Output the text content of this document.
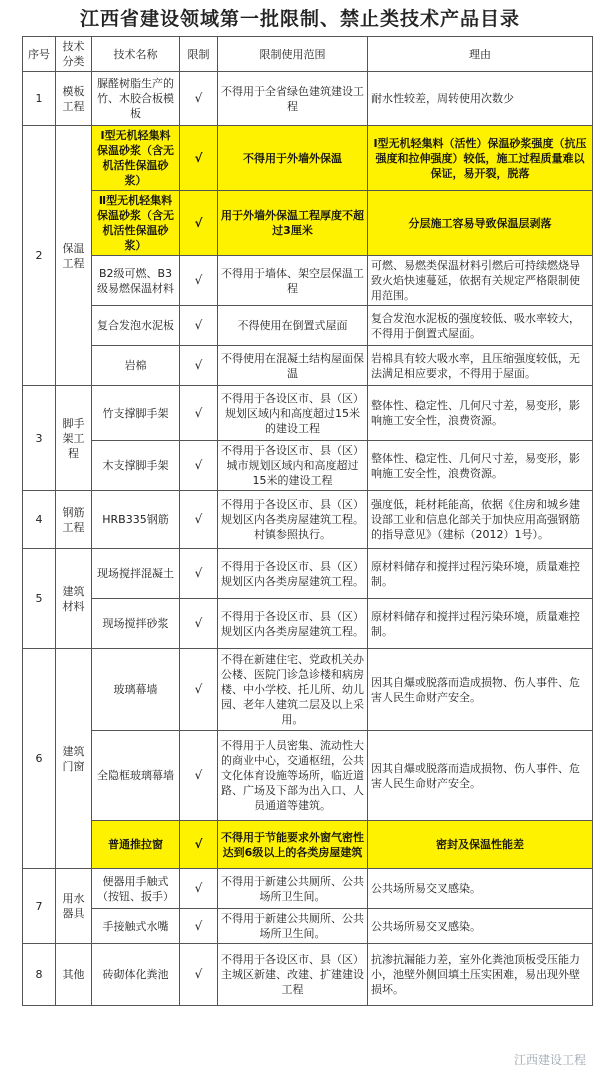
江西省建设领域第一批限制、禁止类技术产品目录
序号	技术分类	技术名称	限制	限制使用范围	理由
1	模板工程	脲醛树脂生产的竹、木胶合板模板	√	不得用于全省绿色建筑建设工程	耐水性较差，周转使用次数少
2	保温工程	Ⅰ型无机轻集料保温砂浆（含无机活性保温砂浆）	√	不得用于外墙外保温	Ⅰ型无机轻集料（活性）保温砂浆强度（抗压强度和拉伸强度）较低，施工过程质量难以保证，易开裂，脱落
		Ⅱ型无机轻集料保温砂浆（含无机活性保温砂浆）	√	用于外墙外保温工程厚度不超过3厘米	分层施工容易导致保温层剥落
		B2级可燃、B3级易燃保温材料	√	不得用于墙体、架空层保温工程	可燃、易燃类保温材料引燃后可持续燃烧导致火焰快速蔓延，依据有关规定严格限制使用范围。
		复合发泡水泥板	√	不得使用在倒置式屋面	复合发泡水泥板的强度较低、吸水率较大，不得用于倒置式屋面。
		岩棉	√	不得使用在混凝土结构屋面保温	岩棉具有较大吸水率，且压缩强度较低，无法满足相应要求，不得用于屋面。
3	脚手架工程	竹支撑脚手架	√	不得用于各设区市、县（区）规划区域内和高度超过15米的建设工程	整体性、稳定性、几何尺寸差，易变形，影响施工安全性，浪费资源。
		木支撑脚手架	√	不得用于各设区市、县（区）城市规划区域内和高度超过15米的建设工程	整体性、稳定性、几何尺寸差，易变形，影响施工安全性，浪费资源。
4	钢筋工程	HRB335钢筋	√	不得用于各设区市、县（区）规划区内各类房屋建筑工程。村镇参照执行。	强度低，耗材耗能高，依据《住房和城乡建设部工业和信息化部关于加快应用高强钢筋的指导意见》（建标（2012）1号）。
5	建筑材料	现场搅拌混凝土	√	不得用于各设区市、县（区）规划区内各类房屋建筑工程。	原材料储存和搅拌过程污染环境，质量难控制。
		现场搅拌砂浆	√	不得用于各设区市、县（区）规划区内各类房屋建筑工程。	原材料储存和搅拌过程污染环境，质量难控制。
6	建筑门窗	玻璃幕墙	√	不得在新建住宅、党政机关办公楼、医院门诊急诊楼和病房楼、中小学校、托儿所、幼儿园、老年人建筑二层及以上采用。	因其自爆或脱落而造成损物、伤人事件、危害人民生命财产安全。
		全隐框玻璃幕墙	√	不得用于人员密集、流动性大的商业中心，交通枢纽，公共文化体育设施等场所，临近道路、广场及下部为出入口、人员通道等建筑。	因其自爆或脱落而造成损物、伤人事件、危害人民生命财产安全。
		普通推拉窗	√	不得用于节能要求外窗气密性达到6级以上的各类房屋建筑	密封及保温性能差
7	用水器具	便器用手触式（按钮、扳手）	√	不得用于新建公共厕所、公共场所卫生间。	公共场所易交叉感染。
		手接触式水嘴	√	不得用于新建公共厕所、公共场所卫生间。	公共场所易交叉感染。
8	其他	砖砌体化粪池	√	不得用于各设区市、县（区）主城区新建、改建、扩建建设工程	抗渗抗漏能力差，室外化粪池顶板受压能力小，池壁外侧回填土压实困难，易出现外壁损坏。
江西建设工程
